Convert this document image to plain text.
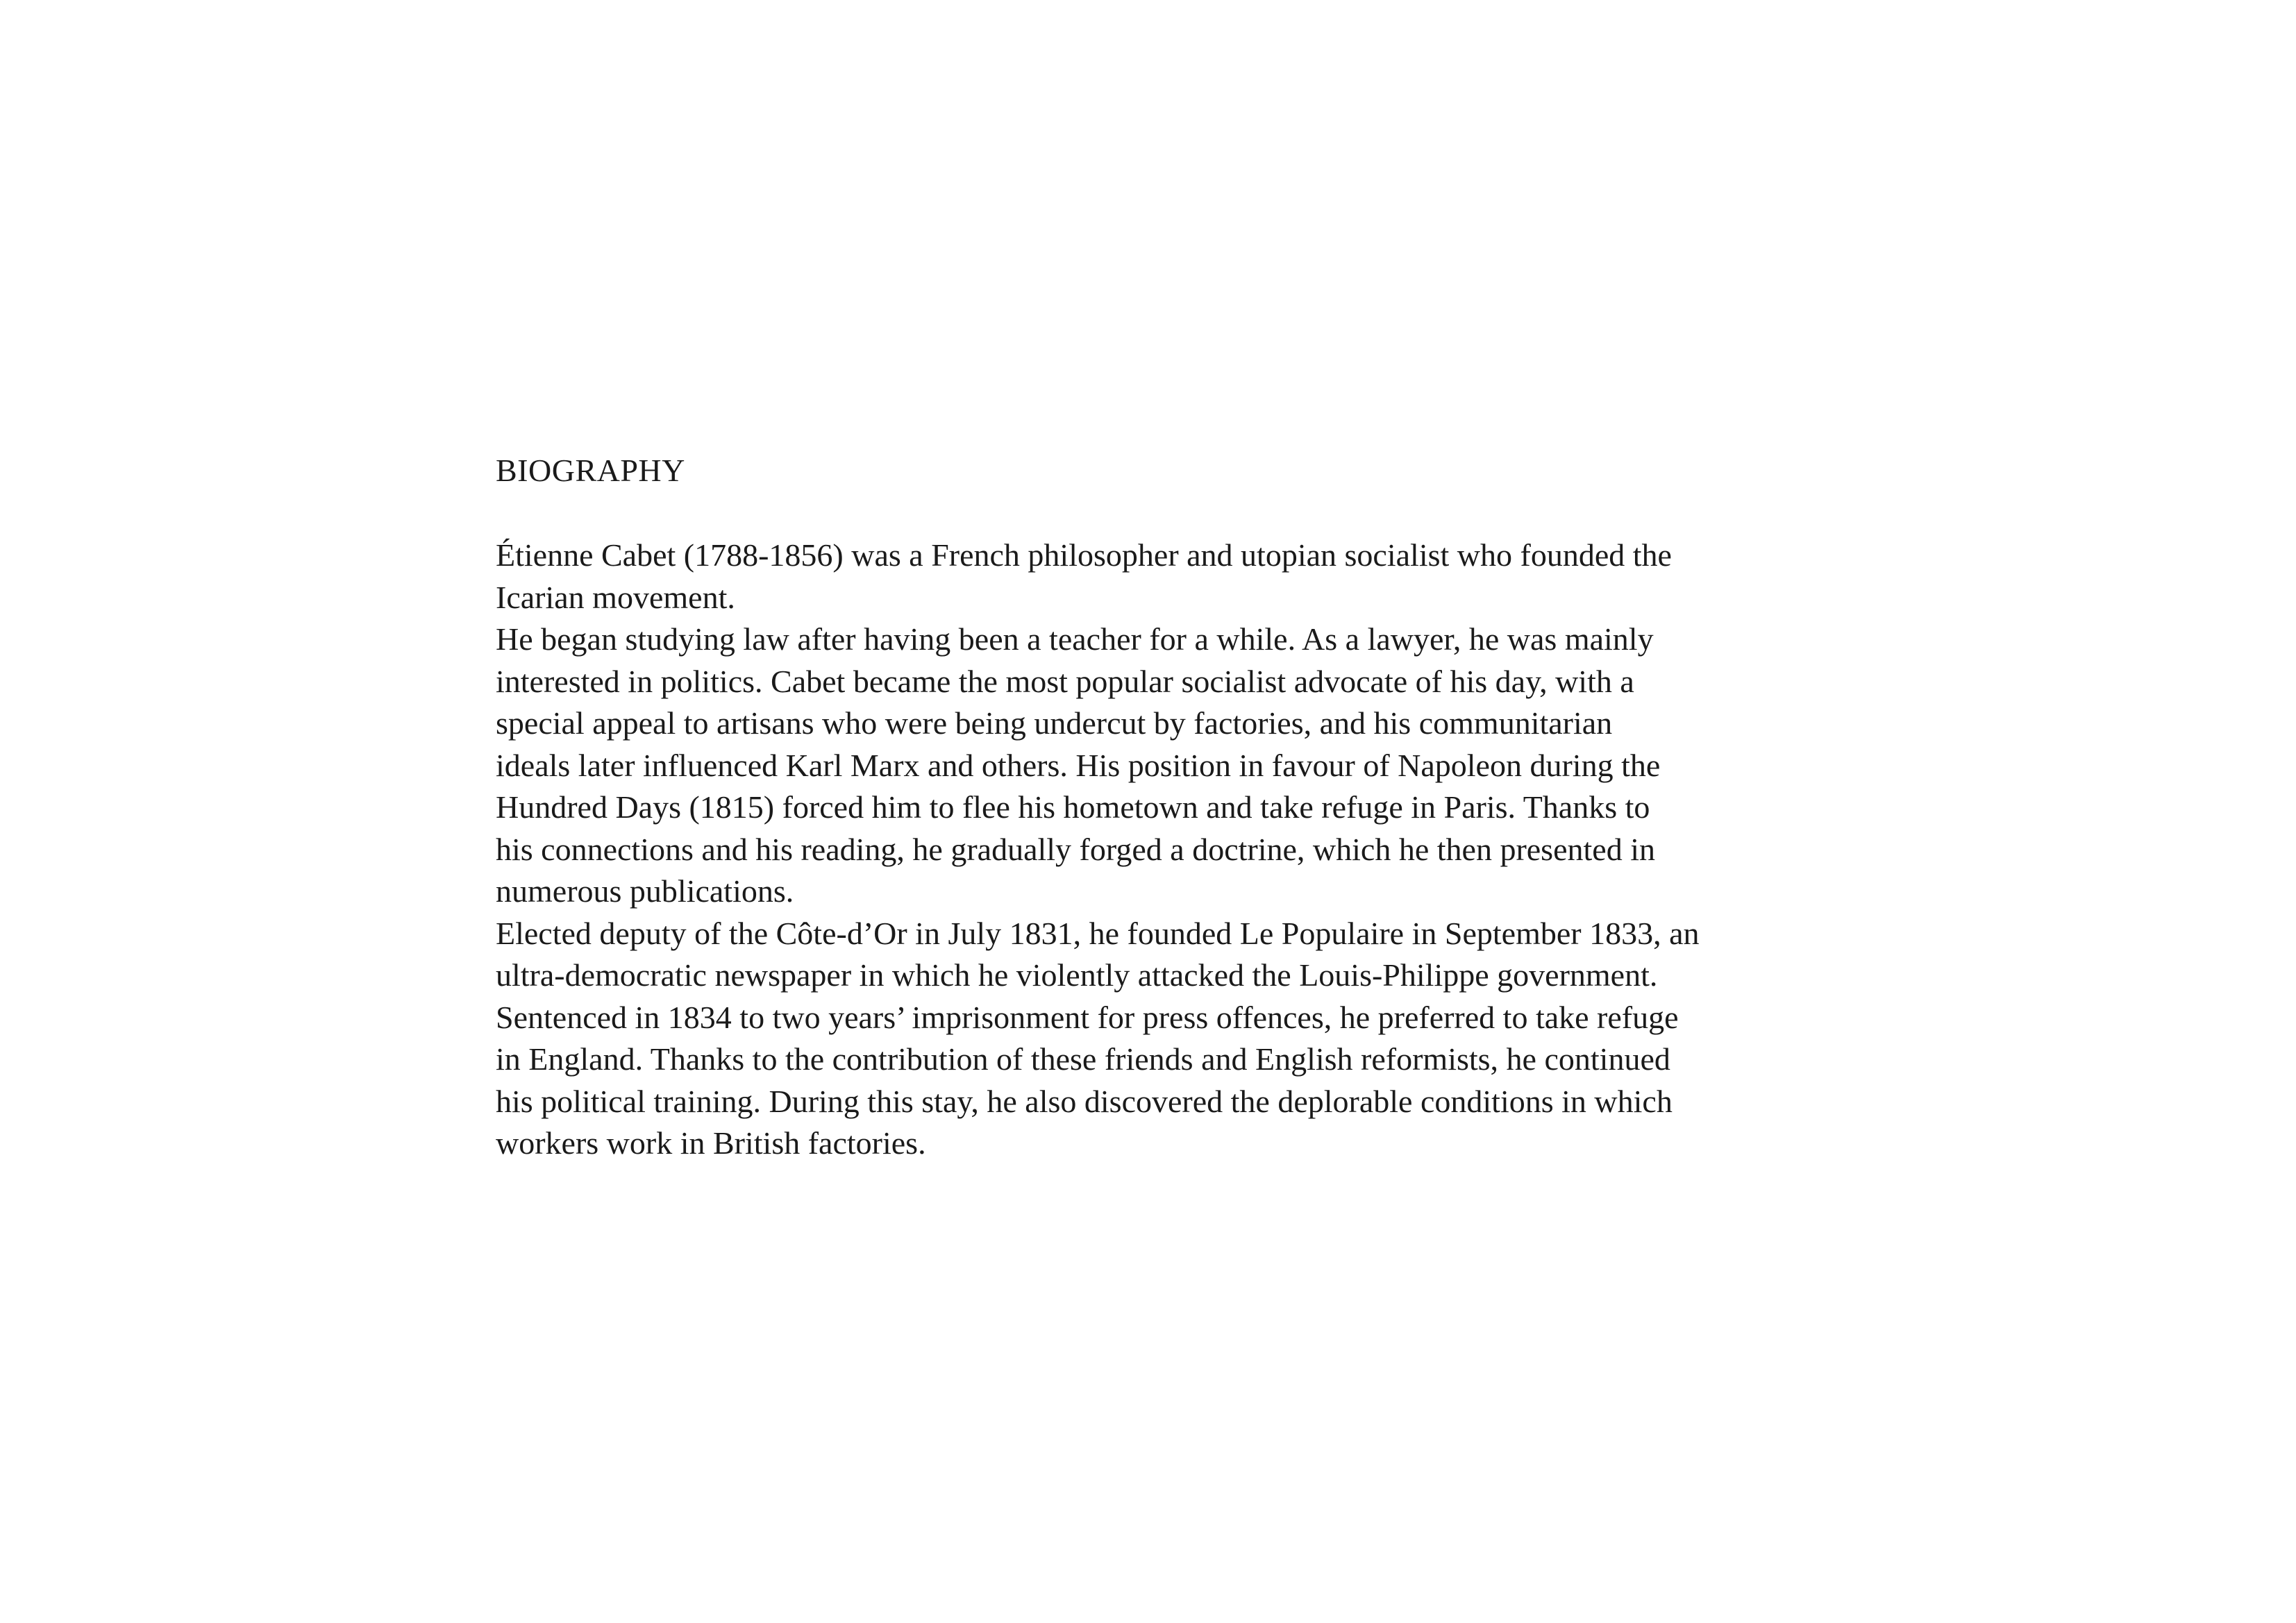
BIOGRAPHY

Étienne Cabet (1788-1856) was a French philosopher and utopian socialist who founded the
Icarian movement.

He began studying law after having been a teacher for a while. As a lawyer, he was mainly
interested in politics. Cabet became the most popular socialist advocate of his day, with a
special appeal to artisans who were being undercut by factories, and his communitarian
ideals later influenced Karl Marx and others. His position in favour of Napoleon during the
Hundred Days (1815) forced him to flee his hometown and take refuge in Paris. Thanks to
his connections and his reading, he gradually forged a doctrine, which he then presented in
numerous publications.

Elected deputy of the Côte-d’Or in July 1831, he founded Le Populaire in September 1833, an
ultra-democratic newspaper in which he violently attacked the Louis-Philippe government.
Sentenced in 1834 to two years’ imprisonment for press offences, he preferred to take refuge
in England. Thanks to the contribution of these friends and English reformists, he continued
his political training. During this stay, he also discovered the deplorable conditions in which
workers work in British factories.
